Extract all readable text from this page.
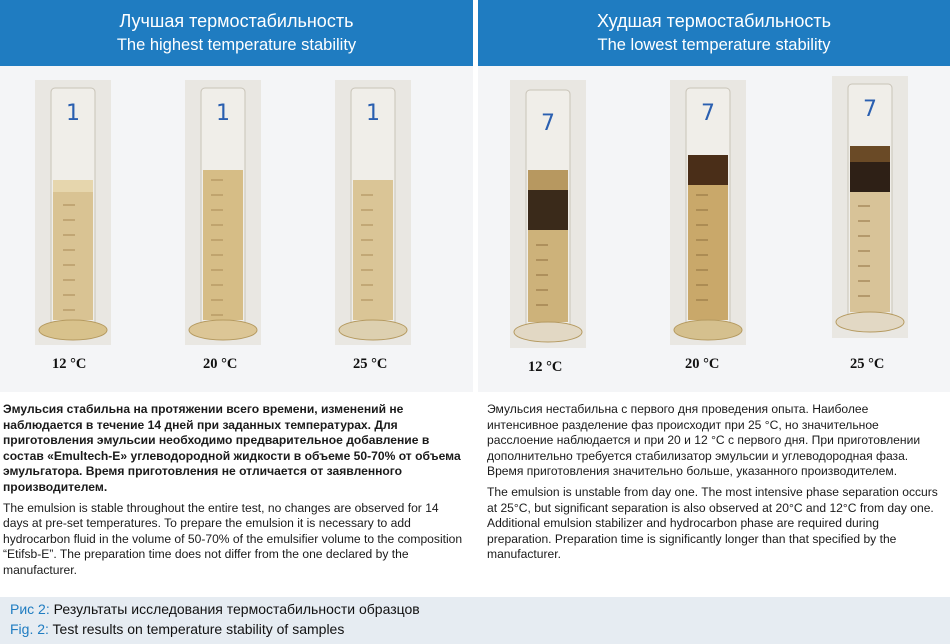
Лучшая термостабильность
The highest temperature stability
Худшая термостабильность
The lowest temperature stability
1	1	1	7	7	7
12 °C	20 °C	25 °C	12 °C	20 °C	25 °C

Эмульсия стабильна на протяжении всего времени, изменений не наблюдается в течение 14 дней при заданных температурах. Для приготовления эмульсии необходимо предварительное добавление в состав «Emultech-E» углеводородной жидкости в объеме 50-70% от объема эмульгатора. Время приготовления не отличается от заявленного производителем.

The emulsion is stable throughout the entire test, no changes are observed for 14 days at pre-set temperatures. To prepare the emulsion it is necessary to add hydrocarbon fluid in the volume of 50-70% of the emulsifier volume to the composition “Etifsb-E”. The preparation time does not differ from the one declared by the manufacturer.

Эмульсия нестабильна с первого дня проведения опыта. Наиболее интенсивное разделение фаз происходит при 25 °C, но значительное расслоение наблюдается и при 20 и 12 °C с первого дня. При приготовлении дополнительно требуется стабилизатор эмульсии и углеводородная фаза. Время приготовления значительно больше, указанного производителем.

The emulsion is unstable from day one. The most intensive phase separation occurs at 25°C, but significant separation is also observed at 20°C and 12°C from day one. Additional emulsion stabilizer and hydrocarbon phase are required during preparation. Preparation time is significantly longer than that specified by the manufacturer.

Рис 2: Результаты исследования термостабильности образцов
Fig. 2: Test results on temperature stability of samples
